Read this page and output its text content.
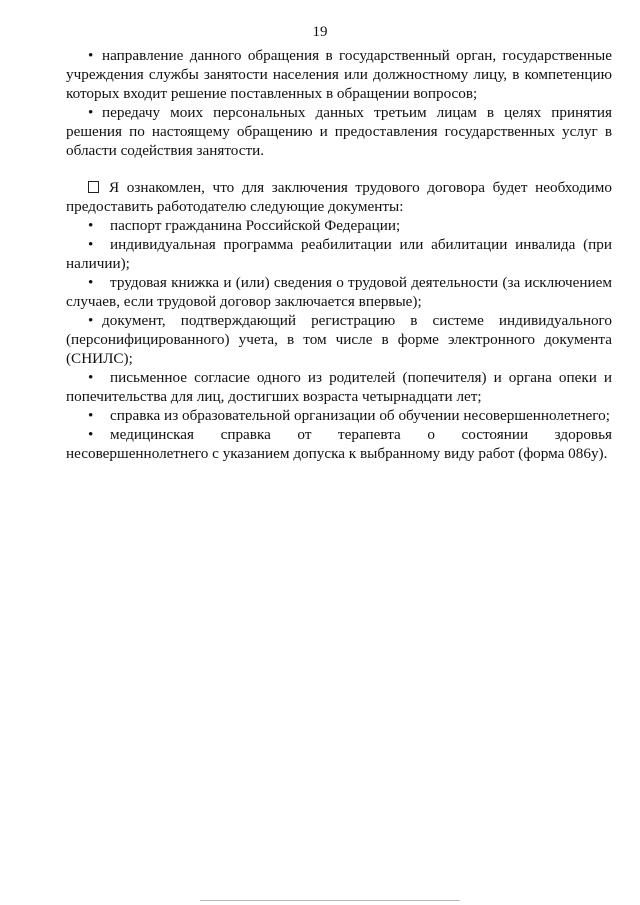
19

• направление данного обращения в государственный орган, государственные учреждения службы занятости населения или должностному лицу, в компетенцию которых входит решение поставленных в обращении вопросов;

• передачу моих персональных данных третьим лицам в целях принятия решения по настоящему обращению и предоставления государственных услуг в области содействия занятости.

Я ознакомлен, что для заключения трудового договора будет необходимо предоставить работодателю следующие документы:

• паспорт гражданина Российской Федерации;

• индивидуальная программа реабилитации или абилитации инвалида (при наличии);

• трудовая книжка и (или) сведения о трудовой деятельности (за исключением случаев, если трудовой договор заключается впервые);

• документ, подтверждающий регистрацию в системе индивидуального (персонифицированного) учета, в том числе в форме электронного документа (СНИЛС);

• письменное согласие одного из родителей (попечителя) и органа опеки и попечительства для лиц, достигших возраста четырнадцати лет;

• справка из образовательной организации об обучении несовершеннолетнего;

• медицинская справка от терапевта о состоянии здоровья несовершеннолетнего с указанием допуска к выбранному виду работ (форма 086у).
